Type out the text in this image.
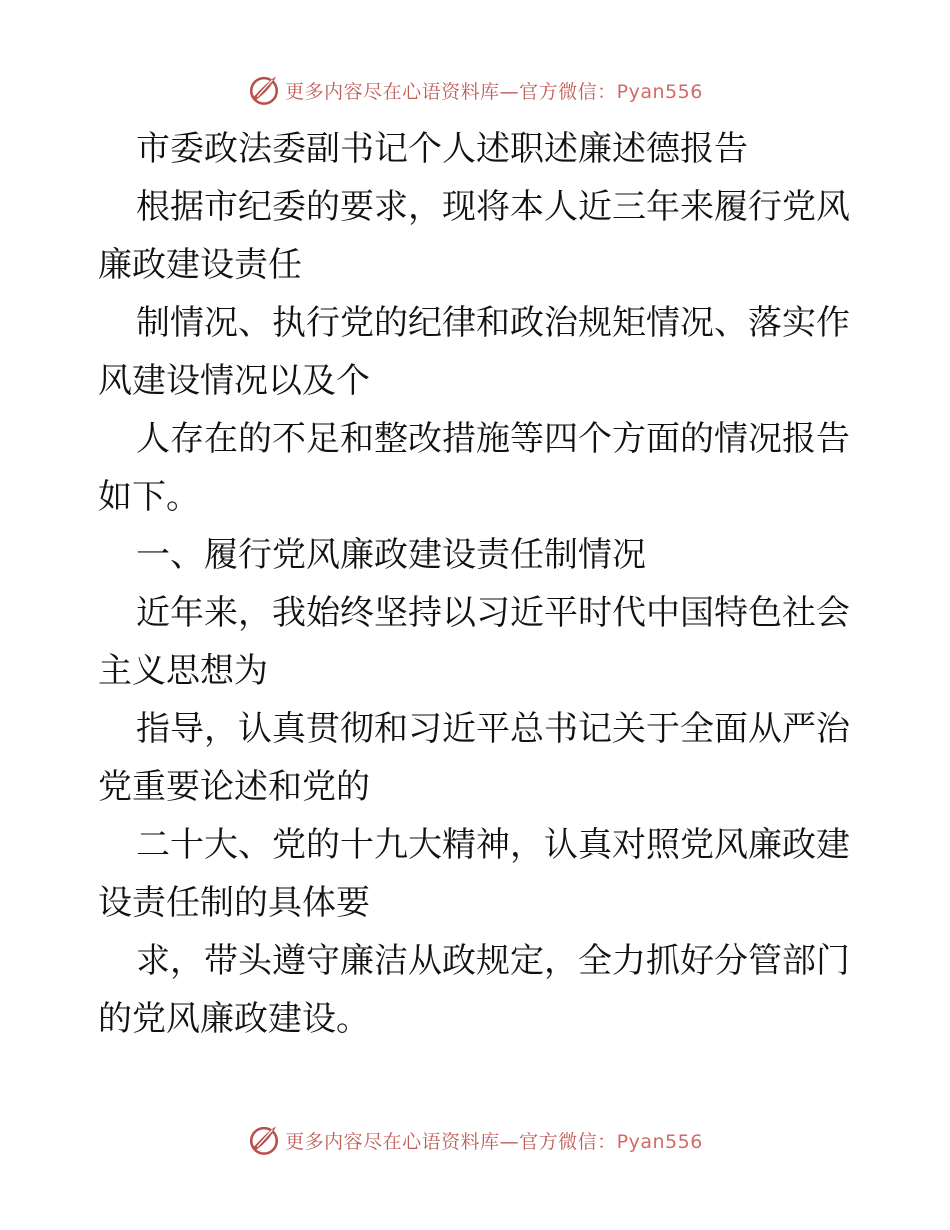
更多内容尽在心语资料库—官方微信：Pyan556
市委政法委副书记个人述职述廉述德报告
根据市纪委的要求，现将本人近三年来履行党风
廉政建设责任
制情况、执行党的纪律和政治规矩情况、落实作
风建设情况以及个
人存在的不足和整改措施等四个方面的情况报告
如下。
一、履行党风廉政建设责任制情况
近年来，我始终坚持以习近平时代中国特色社会
主义思想为
指导，认真贯彻和习近平总书记关于全面从严治
党重要论述和党的
二十大、党的十九大精神，认真对照党风廉政建
设责任制的具体要
求，带头遵守廉洁从政规定，全力抓好分管部门
的党风廉政建设。
更多内容尽在心语资料库—官方微信：Pyan556
